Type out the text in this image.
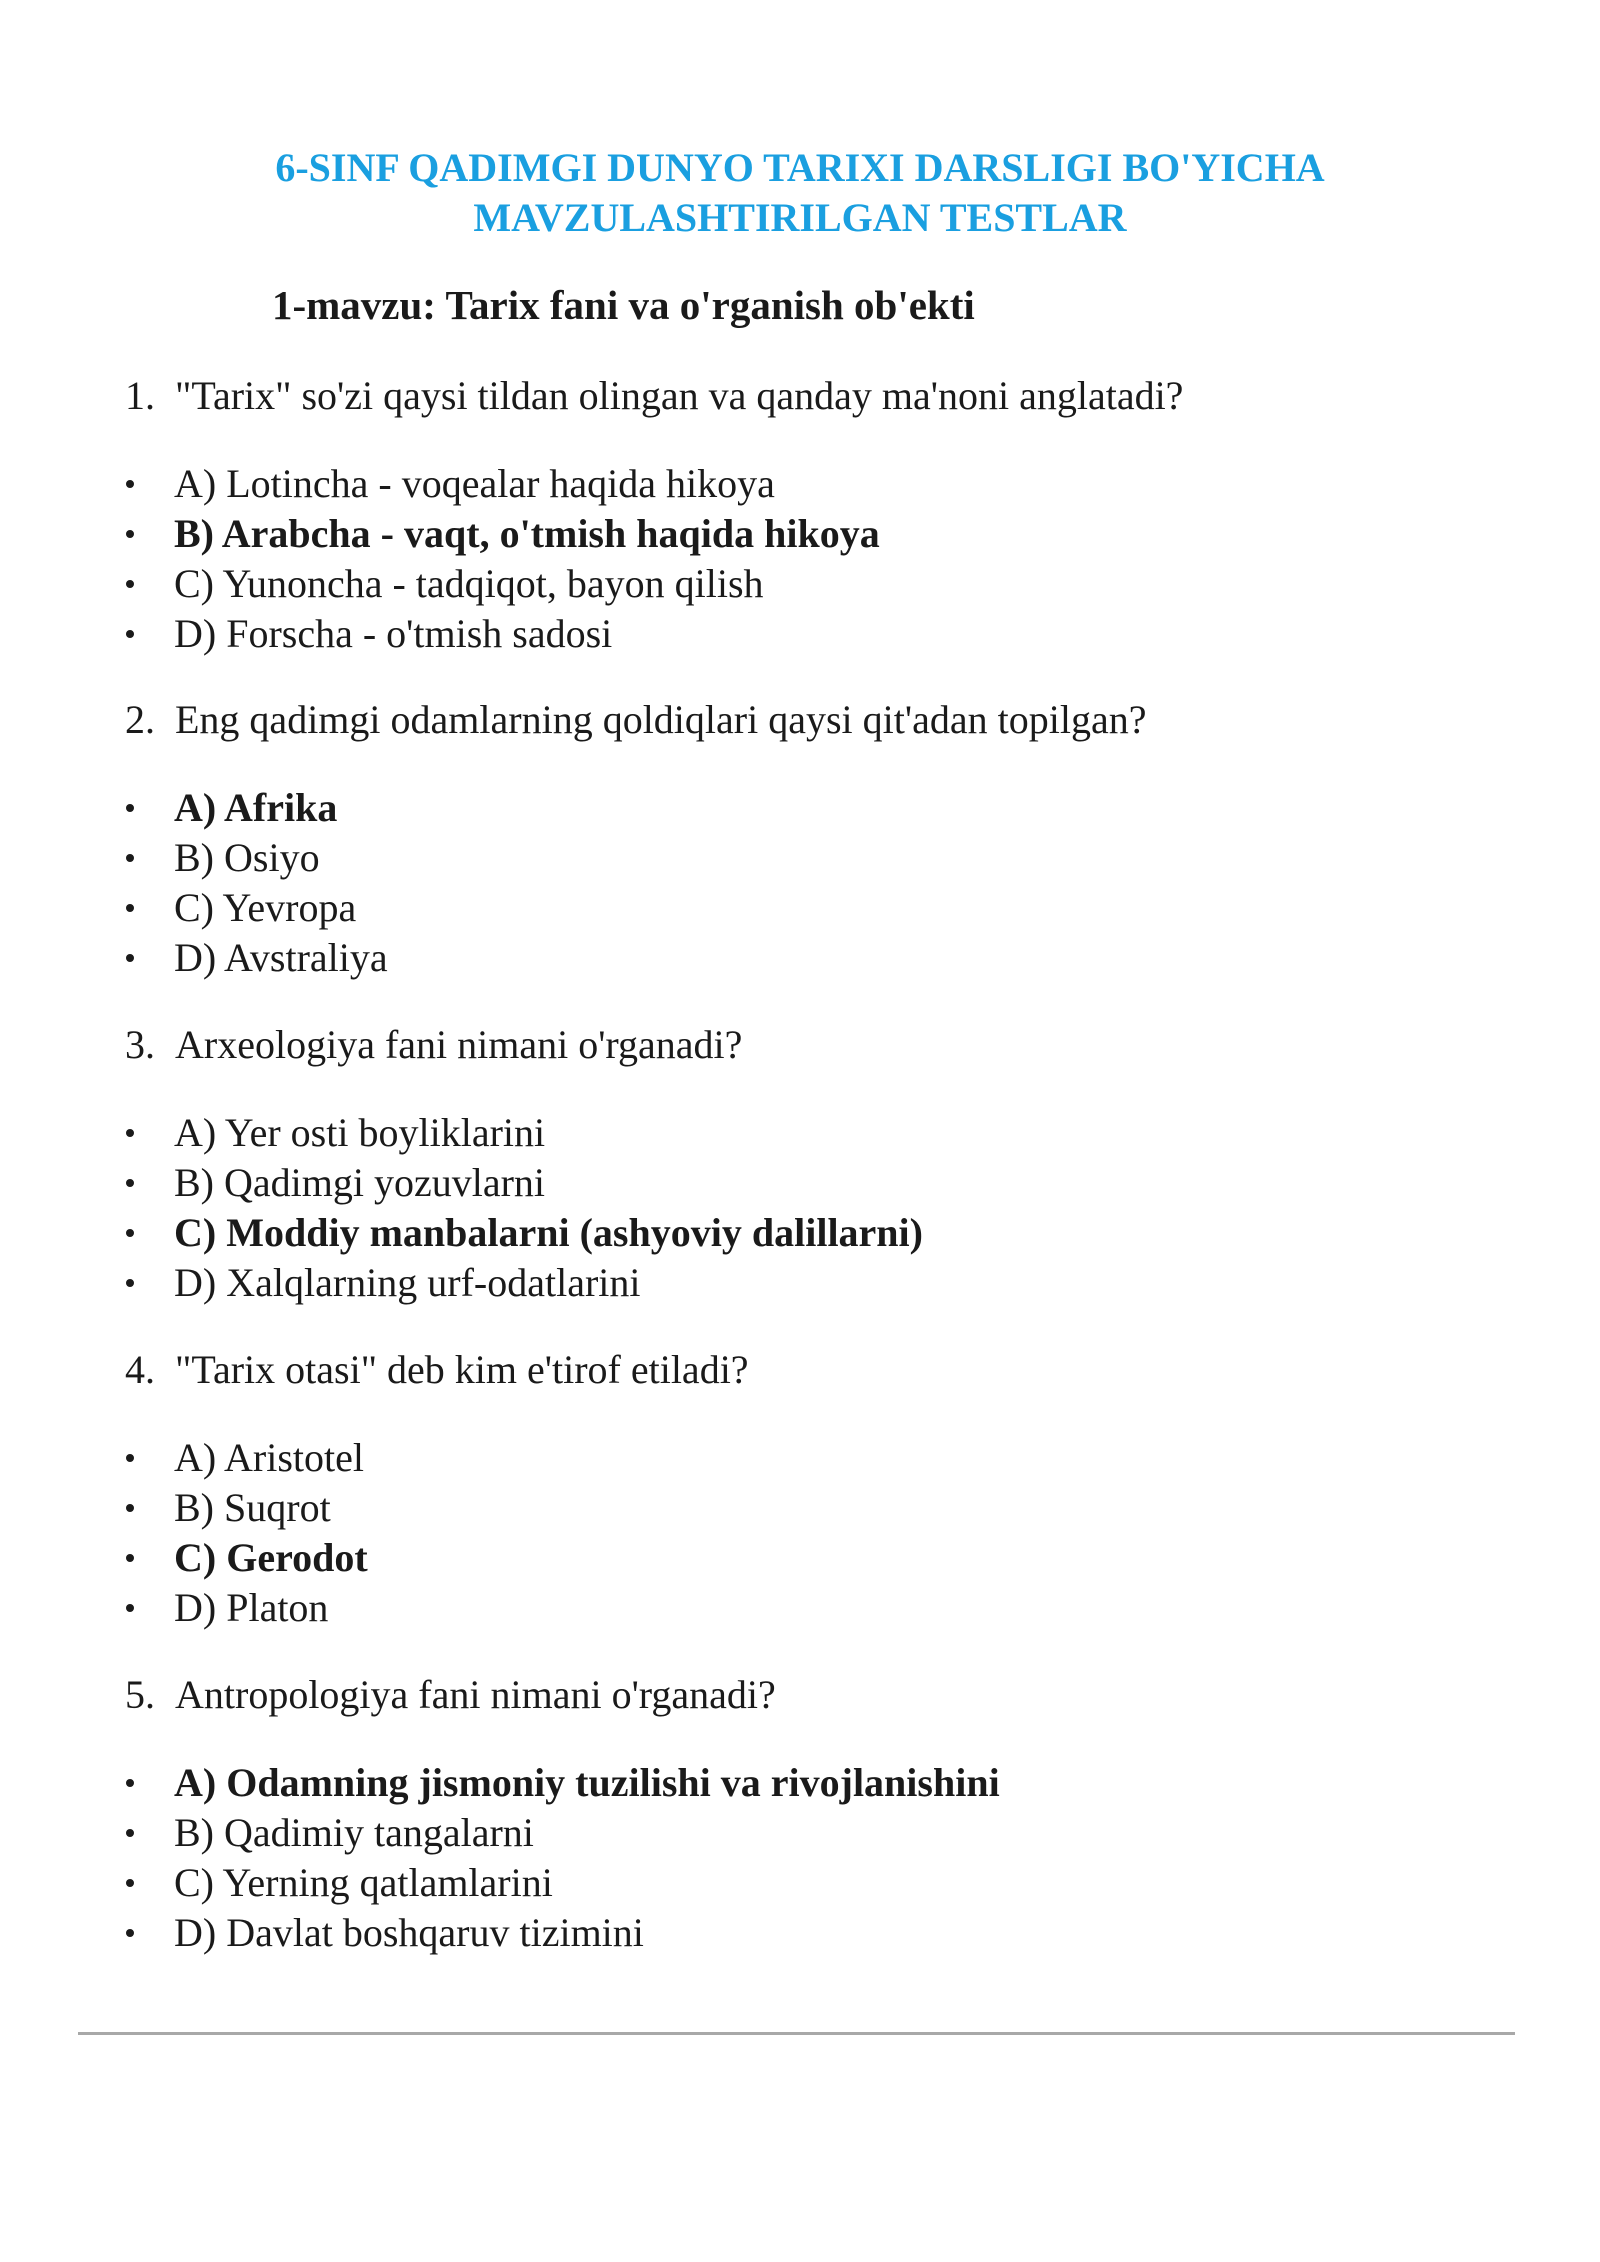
6-SINF QADIMGI DUNYO TARIXI DARSLIGI BO'YICHA
MAVZULASHTIRILGAN TESTLAR
1-mavzu: Tarix fani va o'rganish ob'ekti

1. "Tarix" so'zi qaysi tildan olingan va qanday ma'noni anglatadi?

A) Lotincha - voqealar haqida hikoya
B) Arabcha - vaqt, o'tmish haqida hikoya
C) Yunoncha - tadqiqot, bayon qilish
D) Forscha - o'tmish sadosi

2. Eng qadimgi odamlarning qoldiqlari qaysi qit'adan topilgan?

A) Afrika
B) Osiyo
C) Yevropa
D) Avstraliya

3. Arxeologiya fani nimani o'rganadi?

A) Yer osti boyliklarini
B) Qadimgi yozuvlarni
C) Moddiy manbalarni (ashyoviy dalillarni)
D) Xalqlarning urf-odatlarini

4. "Tarix otasi" deb kim e'tirof etiladi?

A) Aristotel
B) Suqrot
C) Gerodot
D) Platon

5. Antropologiya fani nimani o'rganadi?

A) Odamning jismoniy tuzilishi va rivojlanishini
B) Qadimiy tangalarni
C) Yerning qatlamlarini
D) Davlat boshqaruv tizimini
